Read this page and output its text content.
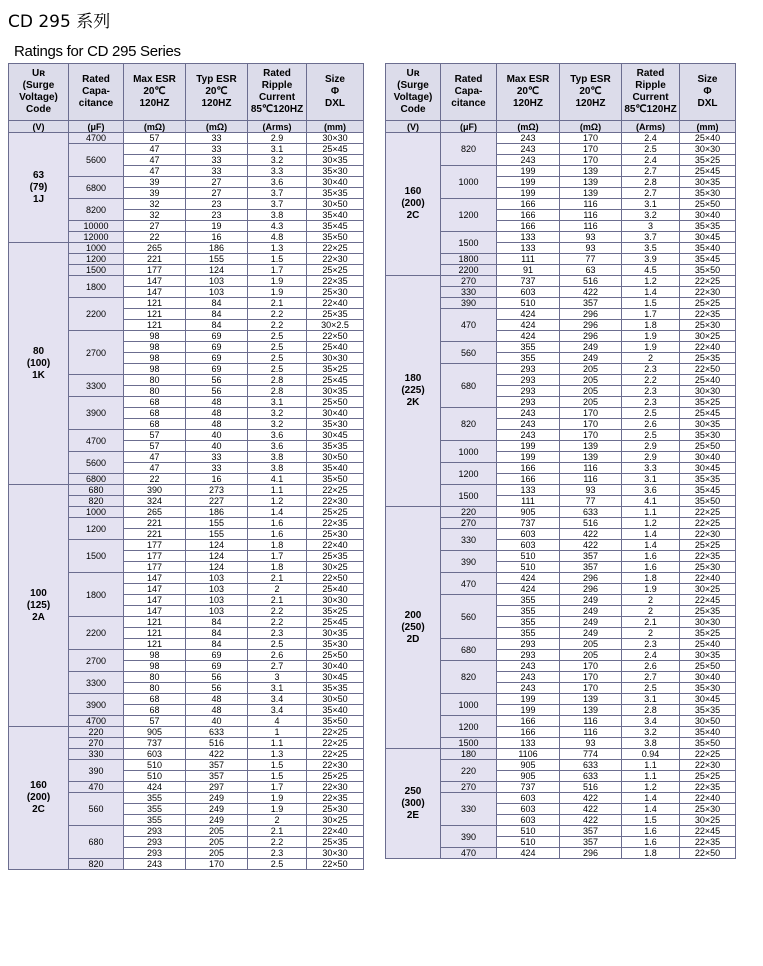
CD 295 系列
Ratings for CD 295 Series
Uʀ
(Surge
Voltage)
Code	Rated
Capa-
citance	Max ESR
20℃
120HZ	Typ ESR
20℃
120HZ	Rated
Ripple
Current
85℃120HZ	Size
Φ
DXL

(V)	(μF)	(mΩ)	(mΩ)	(Arms)	(mm)

63
(79)
1J	4700	57	33	2.9	30×30
	5600	47	33	3.1	25×45
		47	33	3.2	30×35
		47	33	3.3	35×30
	6800	39	27	3.6	30×40
		39	27	3.7	35×35
	8200	32	23	3.7	30×50
		32	23	3.8	35×40
	10000	27	19	4.3	35×45
	12000	22	16	4.8	35×50

80
(100)
1K	1000	265	186	1.3	22×25
	1200	221	155	1.5	22×30
	1500	177	124	1.7	25×25
	1800	147	103	1.9	22×35
		147	103	1.9	25×30
	2200	121	84	2.1	22×40
		121	84	2.2	25×35
		121	84	2.2	30×2.5
	2700	98	69	2.5	22×50
		98	69	2.5	25×40
		98	69	2.5	30×30
		98	69	2.5	35×25
	3300	80	56	2.8	25×45
		80	56	2.8	30×35
	3900	68	48	3.1	25×50
		68	48	3.2	30×40
		68	48	3.2	35×30
	4700	57	40	3.6	30×45
		57	40	3.6	35×35
	5600	47	33	3.8	30×50
		47	33	3.8	35×40
	6800	22	16	4.1	35×50

100
(125)
2A	680	390	273	1.1	22×25
	820	324	227	1.2	22×30
	1000	265	186	1.4	25×25
	1200	221	155	1.6	22×35
		221	155	1.6	25×30
	1500	177	124	1.8	22×40
		177	124	1.7	25×35
		177	124	1.8	30×25
	1800	147	103	2.1	22×50
		147	103	2	25×40
		147	103	2.1	30×30
		147	103	2.2	35×25
	2200	121	84	2.2	25×45
		121	84	2.3	30×35
		121	84	2.5	35×30
	2700	98	69	2.6	25×50
		98	69	2.7	30×40
	3300	80	56	3	30×45
		80	56	3.1	35×35
	3900	68	48	3.4	30×50
		68	48	3.4	35×40
	4700	57	40	4	35×50

160
(200)
2C	220	905	633	1	22×25
	270	737	516	1.1	22×25
	330	603	422	1.3	22×25
	390	510	357	1.5	22×30
		510	357	1.5	25×25
	470	424	297	1.7	22×30
	560	355	249	1.9	22×35
		355	249	1.9	25×30
		355	249	2	30×25
	680	293	205	2.1	22×40
		293	205	2.2	25×35
		293	205	2.3	30×30
	820	243	170	2.5	22×50
Uʀ
(Surge
Voltage)
Code	Rated
Capa-
citance	Max ESR
20℃
120HZ	Typ ESR
20℃
120HZ	Rated
Ripple
Current
85℃120HZ	Size
Φ
DXL

(V)	(μF)	(mΩ)	(mΩ)	(Arms)	(mm)

160
(200)
2C	820	243	170	2.4	25×40
		243	170	2.5	30×30
		243	170	2.4	35×25
	1000	199	139	2.7	25×45
		199	139	2.8	30×35
		199	139	2.7	35×30
	1200	166	116	3.1	25×50
		166	116	3.2	30×40
		166	116	3	35×35
	1500	133	93	3.7	30×45
		133	93	3.5	35×40
	1800	111	77	3.9	35×45
	2200	91	63	4.5	35×50

180
(225)
2K	270	737	516	1.2	22×25
	330	603	422	1.4	22×30
	390	510	357	1.5	25×25
	470	424	296	1.7	22×35
		424	296	1.8	25×30
		424	296	1.9	30×25
	560	355	249	1.9	22×40
		355	249	2	25×35
	680	293	205	2.3	22×50
		293	205	2.2	25×40
		293	205	2.3	30×30
		293	205	2.3	35×25
	820	243	170	2.5	25×45
		243	170	2.6	30×35
		243	170	2.5	35×30
	1000	199	139	2.9	25×50
		199	139	2.9	30×40
	1200	166	116	3.3	30×45
		166	116	3.1	35×35
	1500	133	93	3.6	35×45
		111	77	4.1	35×50

200
(250)
2D	220	905	633	1.1	22×25
	270	737	516	1.2	22×25
	330	603	422	1.4	22×30
		603	422	1.4	25×25
	390	510	357	1.6	22×35
		510	357	1.6	25×30
	470	424	296	1.8	22×40
		424	296	1.9	30×25
	560	355	249	2	22×45
		355	249	2	25×35
		355	249	2.1	30×30
		355	249	2	35×25
	680	293	205	2.3	25×40
		293	205	2.4	30×35
	820	243	170	2.6	25×50
		243	170	2.7	30×40
		243	170	2.5	35×30
	1000	199	139	3.1	30×45
		199	139	2.8	35×35
	1200	166	116	3.4	30×50
		166	116	3.2	35×40
	1500	133	93	3.8	35×50

250
(300)
2E	180	1106	774	0.94	22×25
	220	905	633	1.1	22×30
		905	633	1.1	25×25
	270	737	516	1.2	22×35
	330	603	422	1.4	22×40
		603	422	1.4	25×30
		603	422	1.5	30×25
	390	510	357	1.6	22×45
		510	357	1.6	22×35
	470	424	296	1.8	22×50
